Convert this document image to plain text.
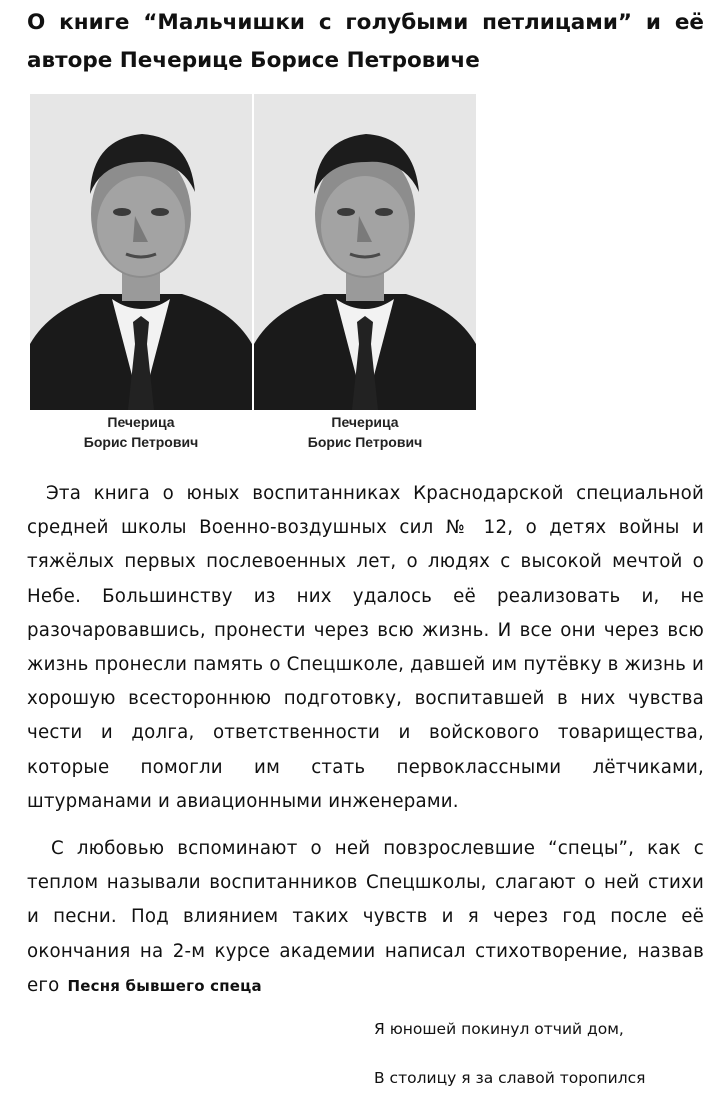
О книге “Мальчишки с голубыми петлицами” и её
авторе Печерице Борисе Петровиче
Печерица
Борис Петрович
Печерица
Борис Петрович

Эта книга о юных воспитанниках Краснодарской специальной средней школы Военно-воздушных сил № 12, о детях войны и тяжёлых первых послевоенных лет, о людях с высокой мечтой о Небе. Большинству из них удалось её реализовать и, не разочаровавшись, пронести через всю жизнь. И все они через всю жизнь пронесли память о Спецшколе, давшей им путёвку в жизнь и хорошую всестороннюю подготовку, воспитавшей в них чувства чести и долга, ответственности и войскового товарищества, которые помогли им стать первоклассными лётчиками, штурманами и авиационными инженерами.

С любовью вспоминают о ней повзрослевшие “спецы”, как с теплом называли воспитанников Спецшколы, слагают о ней стихи и песни. Под влиянием таких чувств и я через год после её окончания на 2-м курсе академии написал стихотворение, назвав его Песня бывшего спеца

Я юношей покинул отчий дом,
В столицу я за славой торопился
